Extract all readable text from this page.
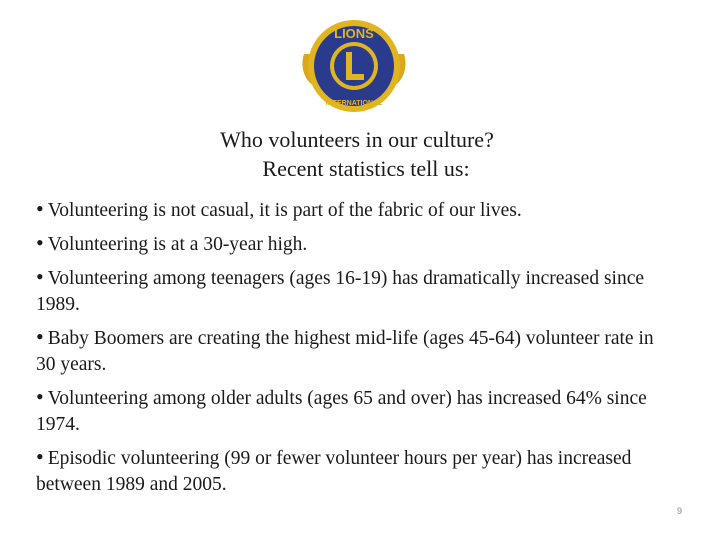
LIONS
INTERNATIONAL
Who volunteers in our culture?
Recent statistics tell us:
• Volunteering is not casual, it is part of the fabric of our lives.
• Volunteering is at a 30-year high.
• Volunteering among teenagers (ages 16-19) has dramatically increased since 1989.
• Baby Boomers are creating the highest mid-life (ages 45-64) volunteer rate in 30 years.
• Volunteering among older adults (ages 65 and over) has increased 64% since 1974.
• Episodic volunteering (99 or fewer volunteer hours per year) has increased between 1989 and 2005.
9
